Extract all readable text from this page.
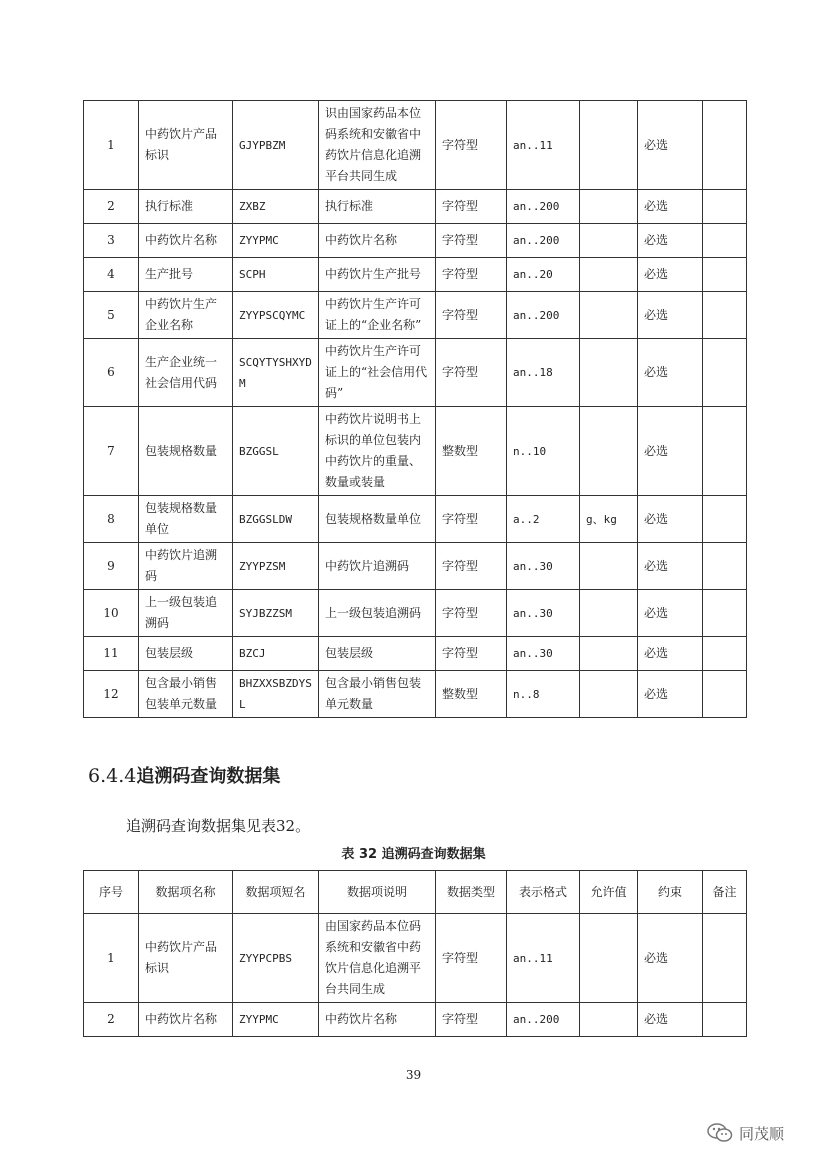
1	中药饮片产品标识	GJYPBZM	识由国家药品本位码系统和安徽省中药饮片信息化追溯平台共同生成	字符型	an..11		必选	
2	执行标准	ZXBZ	执行标准	字符型	an..200		必选	
3	中药饮片名称	ZYYPMC	中药饮片名称	字符型	an..200		必选	
4	生产批号	SCPH	中药饮片生产批号	字符型	an..20		必选	
5	中药饮片生产企业名称	ZYYPSCQYMC	中药饮片生产许可证上的“企业名称”	字符型	an..200		必选	
6	生产企业统一社会信用代码	SCQYTYSHXYDM	中药饮片生产许可证上的“社会信用代码”	字符型	an..18		必选	
7	包装规格数量	BZGGSL	中药饮片说明书上标识的单位包装内中药饮片的重量、数量或装量	整数型	n..10		必选	
8	包装规格数量单位	BZGGSLDW	包装规格数量单位	字符型	a..2	g、kg	必选	
9	中药饮片追溯码	ZYYPZSM	中药饮片追溯码	字符型	an..30		必选	
10	上一级包装追溯码	SYJBZZSM	上一级包装追溯码	字符型	an..30		必选	
11	包装层级	BZCJ	包装层级	字符型	an..30		必选	
12	包含最小销售包装单元数量	BHZXXSBZDYSL	包含最小销售包装单元数量	整数型	n..8		必选	
6.4.4追溯码查询数据集
追溯码查询数据集见表32。
表 32 追溯码查询数据集
序号	数据项名称	数据项短名	数据项说明	数据类型	表示格式	允许值	约束	备注
1	中药饮片产品标识	ZYYPCPBS	由国家药品本位码系统和安徽省中药饮片信息化追溯平台共同生成	字符型	an..11		必选	
2	中药饮片名称	ZYYPMC	中药饮片名称	字符型	an..200		必选	
39
同茂顺
